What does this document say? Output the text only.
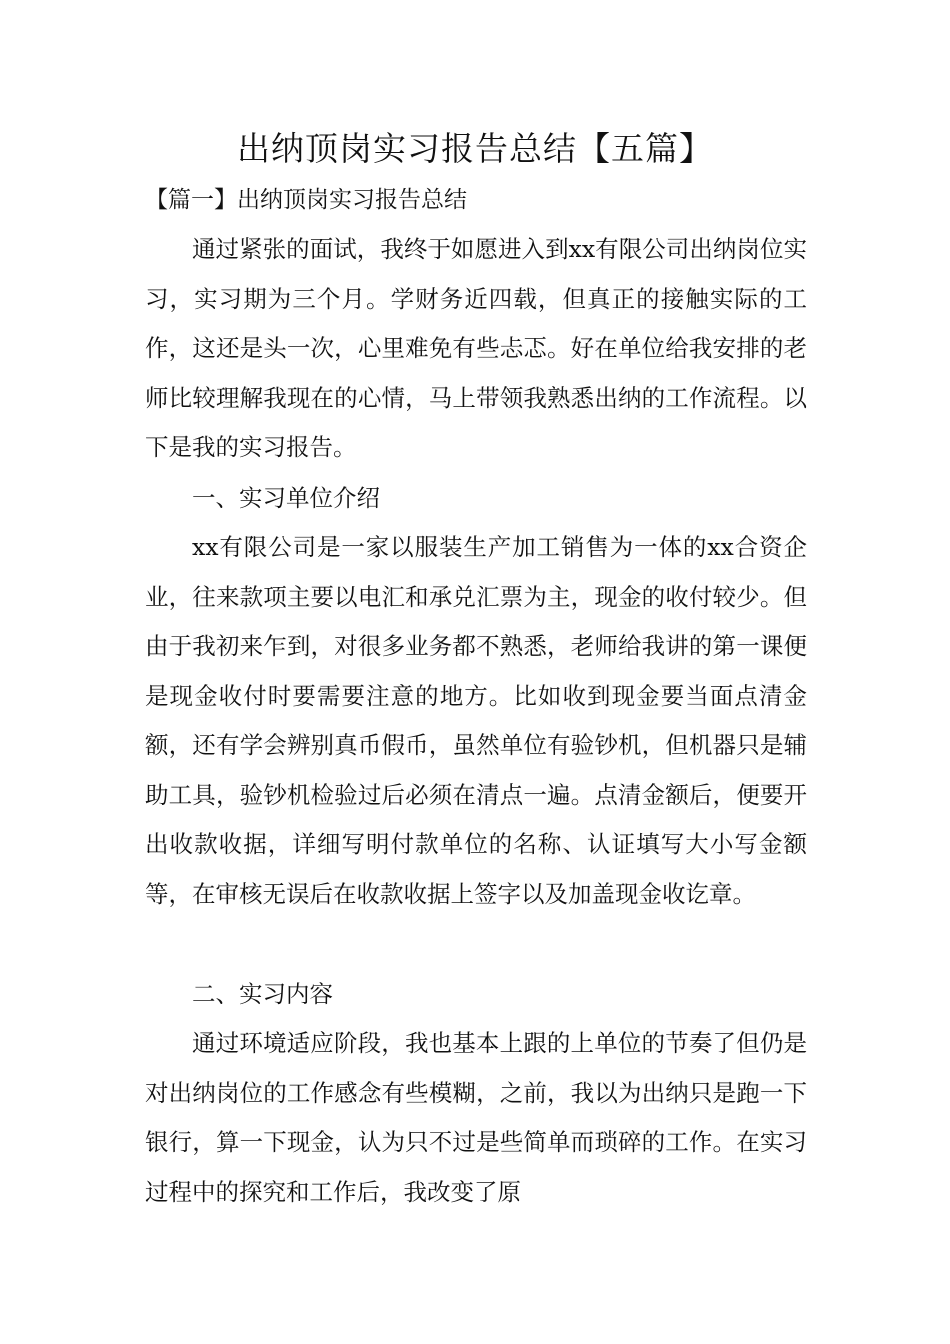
出纳顶岗实习报告总结【五篇】

【篇一】出纳顶岗实习报告总结

通过紧张的面试，我终于如愿进入到xx有限公司出纳岗位实习，实习期为三个月。学财务近四载，但真正的接触实际的工作，这还是头一次，心里难免有些忐忑。好在单位给我安排的老师比较理解我现在的心情，马上带领我熟悉出纳的工作流程。以下是我的实习报告。

一、实习单位介绍

xx有限公司是一家以服装生产加工销售为一体的xx合资企业，往来款项主要以电汇和承兑汇票为主，现金的收付较少。但由于我初来乍到，对很多业务都不熟悉，老师给我讲的第一课便是现金收付时要需要注意的地方。比如收到现金要当面点清金额，还有学会辨别真币假币，虽然单位有验钞机，但机器只是辅助工具，验钞机检验过后必须在清点一遍。点清金额后，便要开出收款收据，详细写明付款单位的名称、认证填写大小写金额等，在审核无误后在收款收据上签字以及加盖现金收讫章。

二、实习内容

通过环境适应阶段，我也基本上跟的上单位的节奏了但仍是对出纳岗位的工作感念有些模糊，之前，我以为出纳只是跑一下银行，算一下现金，认为只不过是些简单而琐碎的工作。在实习过程中的探究和工作后，我改变了原
